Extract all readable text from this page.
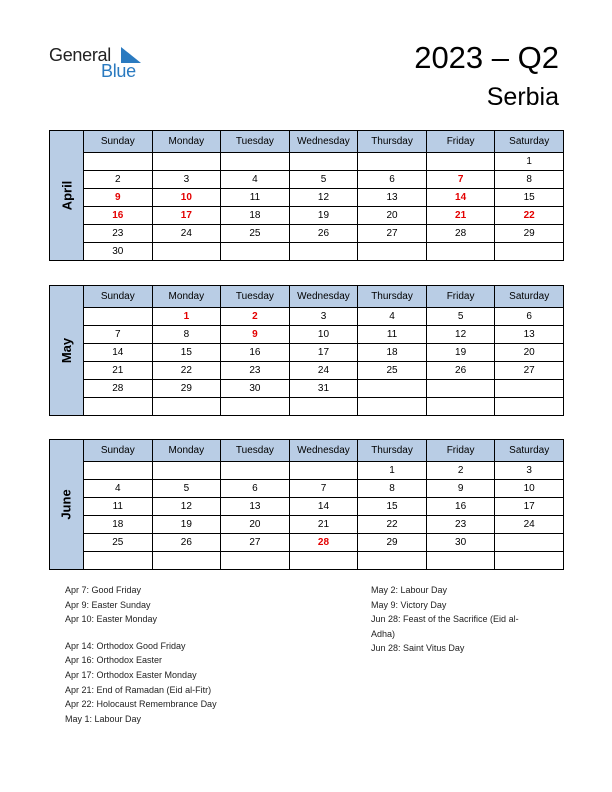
General
Blue	2023 – Q2
Serbia
April	Sunday	Monday	Tuesday	Wednesday	Thursday	Friday	Saturday
							1
	2	3	4	5	6	7	8
	9	10	11	12	13	14	15
	16	17	18	19	20	21	22
	23	24	25	26	27	28	29
	30						
May	Sunday	Monday	Tuesday	Wednesday	Thursday	Friday	Saturday
		1	2	3	4	5	6
	7	8	9	10	11	12	13
	14	15	16	17	18	19	20
	21	22	23	24	25	26	27
	28	29	30	31			

June	Sunday	Monday	Tuesday	Wednesday	Thursday	Friday	Saturday
					1	2	3
	4	5	6	7	8	9	10
	11	12	13	14	15	16	17
	18	19	20	21	22	23	24
	25	26	27	28	29	30	

Apr 7: Good Friday
Apr 9: Easter Sunday
Apr 10: Easter Monday
Apr 14: Orthodox Good Friday
Apr 16: Orthodox Easter
Apr 17: Orthodox Easter Monday
Apr 21: End of Ramadan (Eid al-Fitr)
Apr 22: Holocaust Remembrance Day
May 1: Labour Day
May 2: Labour Day
May 9: Victory Day
Jun 28: Feast of the Sacrifice (Eid al-
Adha)
Jun 28: Saint Vitus Day
